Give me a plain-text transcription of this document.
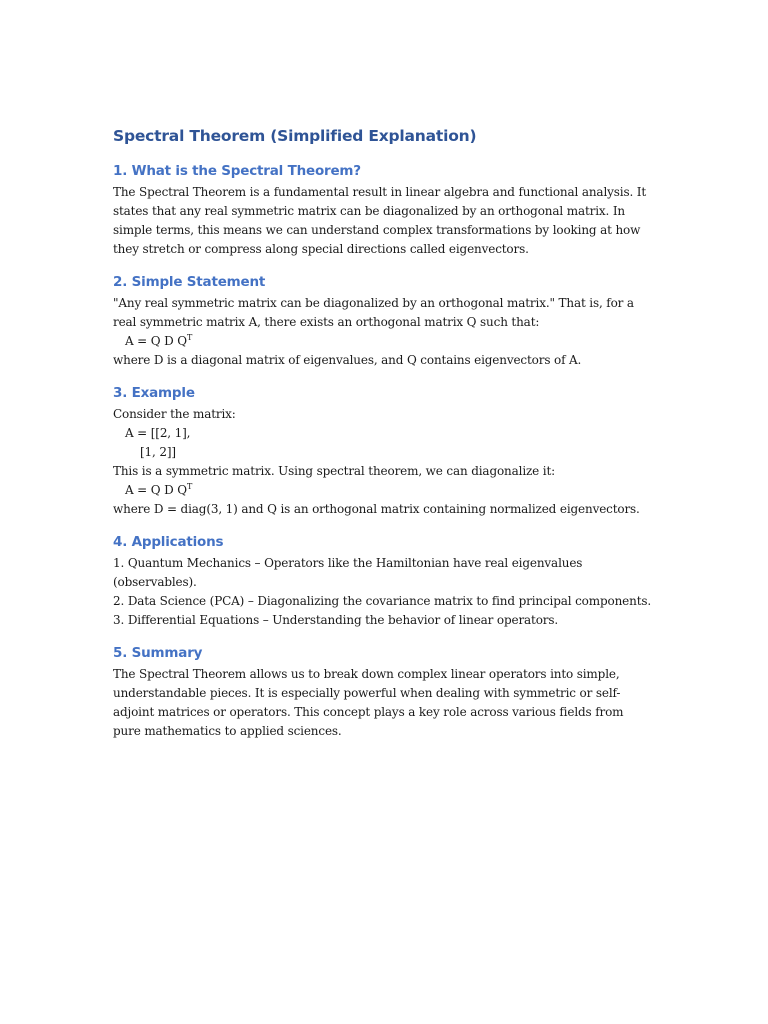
Spectral Theorem (Simplified Explanation)
1. What is the Spectral Theorem?

The Spectral Theorem is a fundamental result in linear algebra and functional analysis. It states that any real symmetric matrix can be diagonalized by an orthogonal matrix. In simple terms, this means we can understand complex transformations by looking at how they stretch or compress along special directions called eigenvectors.

2. Simple Statement

"Any real symmetric matrix can be diagonalized by an orthogonal matrix." That is, for a real symmetric matrix A, there exists an orthogonal matrix Q such that:

A = Q D $Q^T$

where D is a diagonal matrix of eigenvalues, and Q contains eigenvectors of A.

3. Example

Consider the matrix:

A = [[2, 1],

[1, 2]]

This is a symmetric matrix. Using spectral theorem, we can diagonalize it:

A = Q D $Q^T$

where D = diag(3, 1) and Q is an orthogonal matrix containing normalized eigenvectors.

4. Applications

1. Quantum Mechanics – Operators like the Hamiltonian have real eigenvalues (observables).

2. Data Science (PCA) – Diagonalizing the covariance matrix to find principal components.

3. Differential Equations – Understanding the behavior of linear operators.

5. Summary

The Spectral Theorem allows us to break down complex linear operators into simple, understandable pieces. It is especially powerful when dealing with symmetric or self-adjoint matrices or operators. This concept plays a key role across various fields from pure mathematics to applied sciences.
